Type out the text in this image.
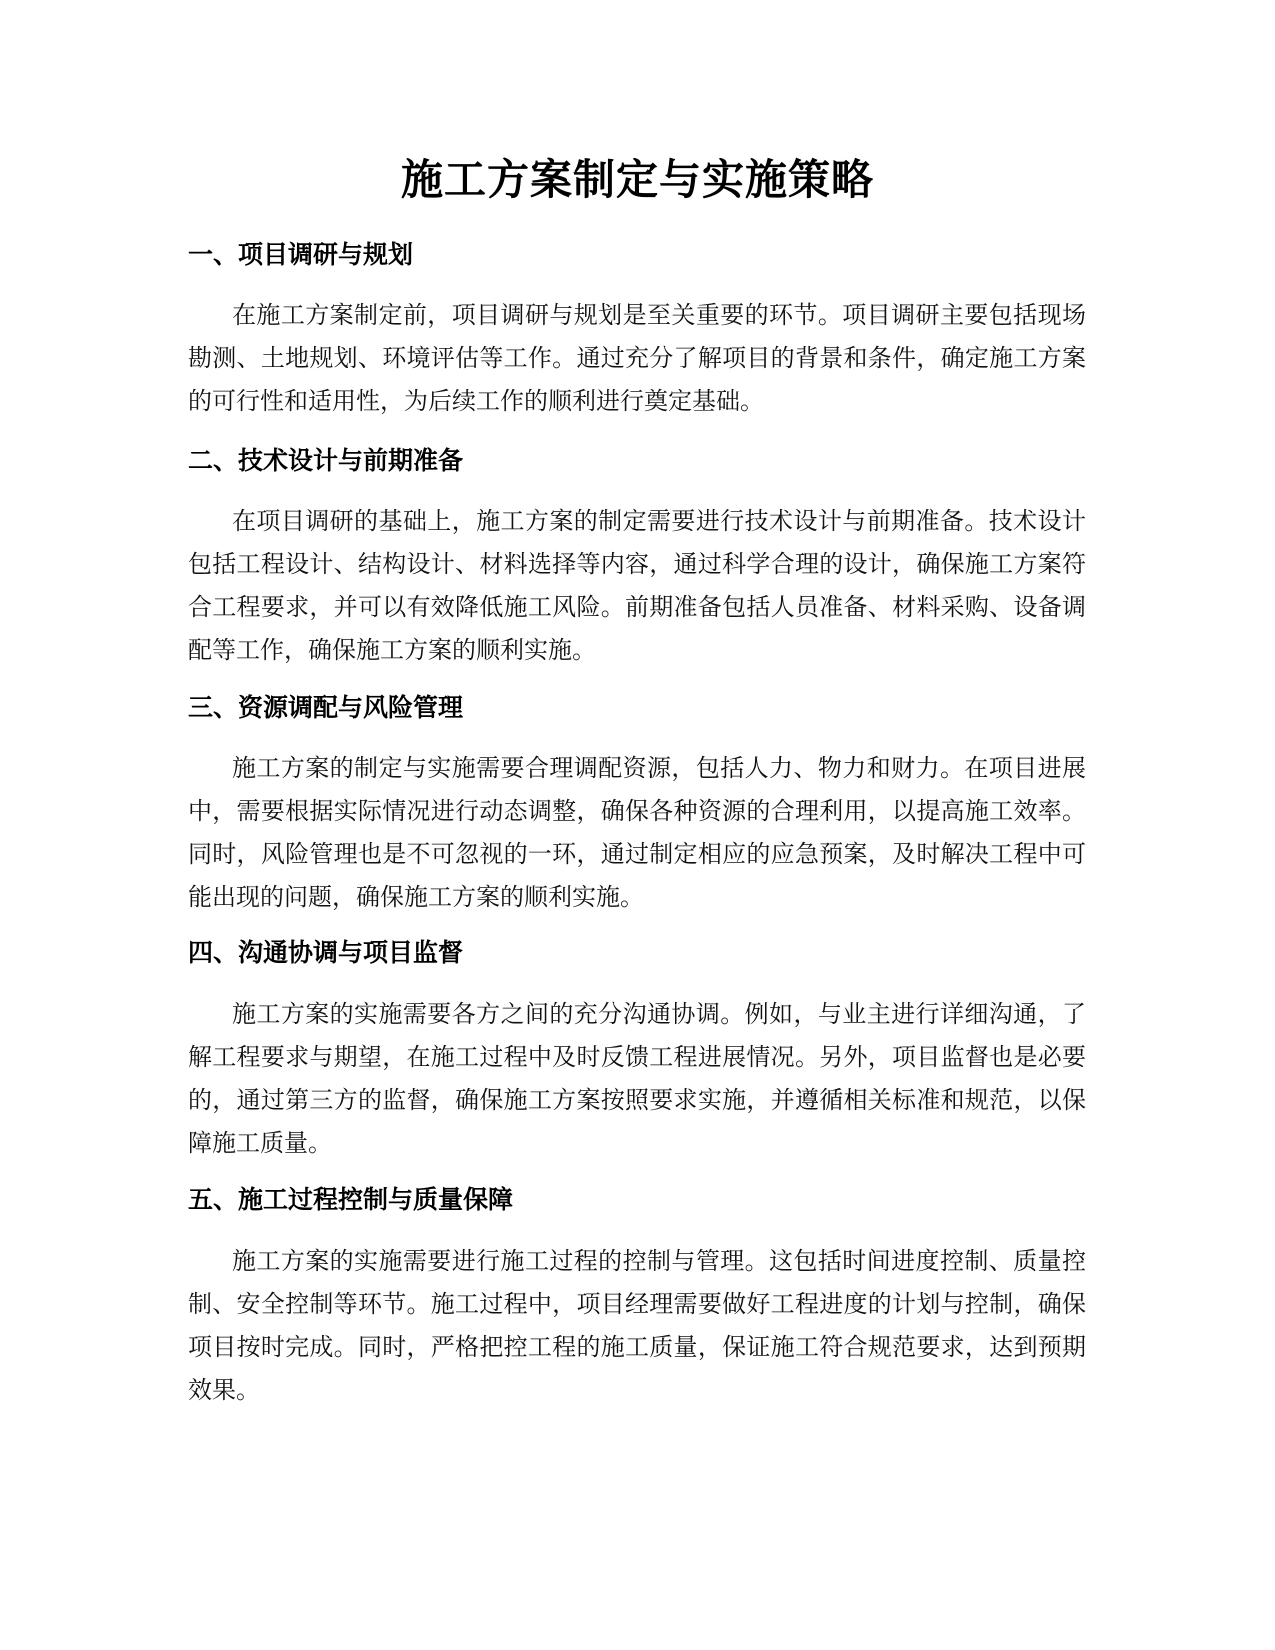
施工方案制定与实施策略
一、项目调研与规划

在施工方案制定前，项目调研与规划是至关重要的环节。项目调研主要包括现场勘测、土地规划、环境评估等工作。通过充分了解项目的背景和条件，确定施工方案的可行性和适用性，为后续工作的顺利进行奠定基础。

二、技术设计与前期准备

在项目调研的基础上，施工方案的制定需要进行技术设计与前期准备。技术设计包括工程设计、结构设计、材料选择等内容，通过科学合理的设计，确保施工方案符合工程要求，并可以有效降低施工风险。前期准备包括人员准备、材料采购、设备调配等工作，确保施工方案的顺利实施。

三、资源调配与风险管理

施工方案的制定与实施需要合理调配资源，包括人力、物力和财力。在项目进展中，需要根据实际情况进行动态调整，确保各种资源的合理利用，以提高施工效率。同时，风险管理也是不可忽视的一环，通过制定相应的应急预案，及时解决工程中可能出现的问题，确保施工方案的顺利实施。

四、沟通协调与项目监督

施工方案的实施需要各方之间的充分沟通协调。例如，与业主进行详细沟通，了解工程要求与期望，在施工过程中及时反馈工程进展情况。另外，项目监督也是必要的，通过第三方的监督，确保施工方案按照要求实施，并遵循相关标准和规范，以保障施工质量。

五、施工过程控制与质量保障

施工方案的实施需要进行施工过程的控制与管理。这包括时间进度控制、质量控制、安全控制等环节。施工过程中，项目经理需要做好工程进度的计划与控制，确保项目按时完成。同时，严格把控工程的施工质量，保证施工符合规范要求，达到预期效果。
